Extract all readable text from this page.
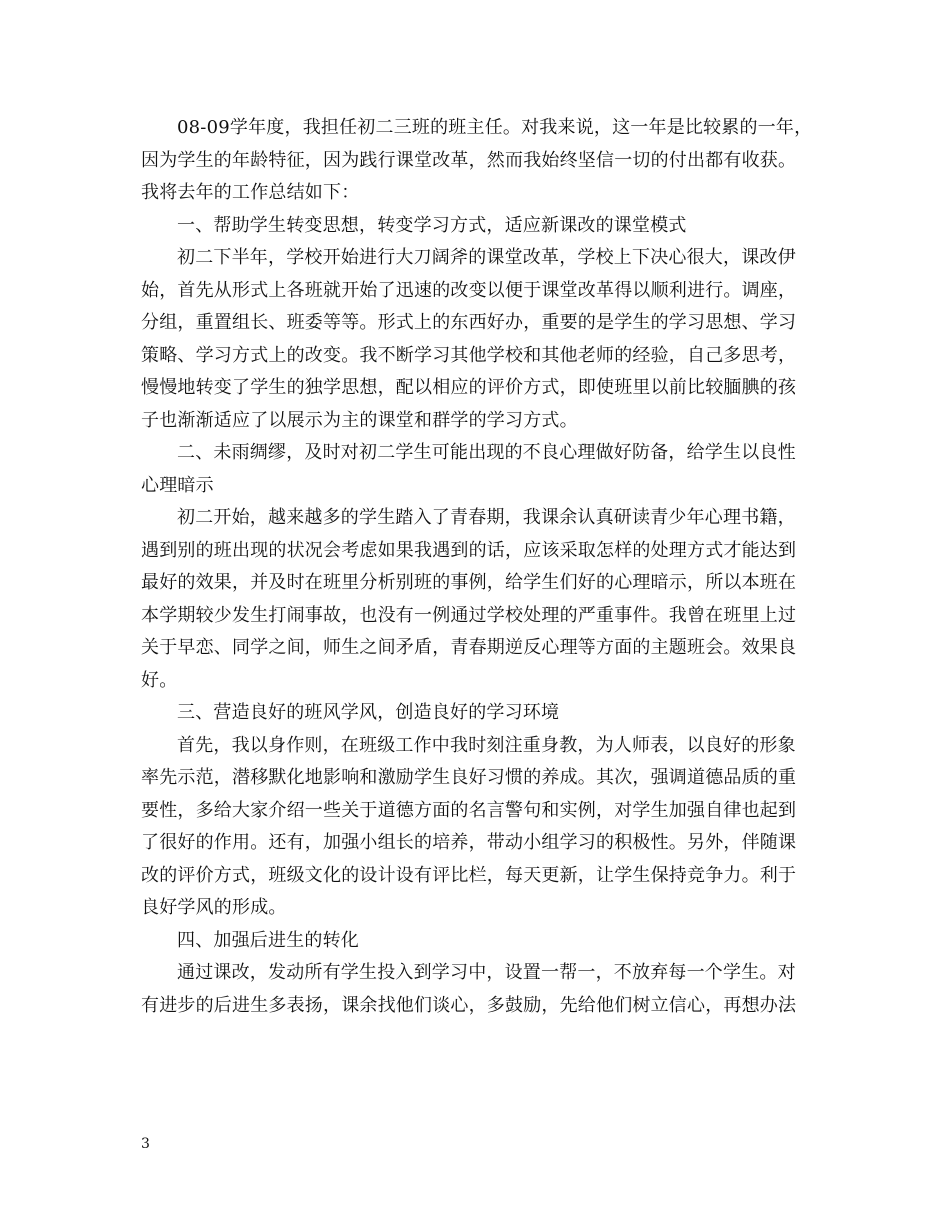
08-09学年度，我担任初二三班的班主任。对我来说，这一年是比较累的一年，
因为学生的年龄特征，因为践行课堂改革，然而我始终坚信一切的付出都有收获。
我将去年的工作总结如下：
一、帮助学生转变思想，转变学习方式，适应新课改的课堂模式
初二下半年，学校开始进行大刀阔斧的课堂改革，学校上下决心很大，课改伊
始，首先从形式上各班就开始了迅速的改变以便于课堂改革得以顺利进行。调座，
分组，重置组长、班委等等。形式上的东西好办，重要的是学生的学习思想、学习
策略、学习方式上的改变。我不断学习其他学校和其他老师的经验，自己多思考，
慢慢地转变了学生的独学思想，配以相应的评价方式，即使班里以前比较腼腆的孩
子也渐渐适应了以展示为主的课堂和群学的学习方式。
二、未雨绸缪，及时对初二学生可能出现的不良心理做好防备，给学生以良性
心理暗示
初二开始，越来越多的学生踏入了青春期，我课余认真研读青少年心理书籍，
遇到别的班出现的状况会考虑如果我遇到的话，应该采取怎样的处理方式才能达到
最好的效果，并及时在班里分析别班的事例，给学生们好的心理暗示，所以本班在
本学期较少发生打闹事故，也没有一例通过学校处理的严重事件。我曾在班里上过
关于早恋、同学之间，师生之间矛盾，青春期逆反心理等方面的主题班会。效果良
好。
三、营造良好的班风学风，创造良好的学习环境
首先，我以身作则，在班级工作中我时刻注重身教，为人师表，以良好的形象
率先示范，潜移默化地影响和激励学生良好习惯的养成。其次，强调道德品质的重
要性，多给大家介绍一些关于道德方面的名言警句和实例，对学生加强自律也起到
了很好的作用。还有，加强小组长的培养，带动小组学习的积极性。另外，伴随课
改的评价方式，班级文化的设计设有评比栏，每天更新，让学生保持竞争力。利于
良好学风的形成。
四、加强后进生的转化
通过课改，发动所有学生投入到学习中，设置一帮一，不放弃每一个学生。对
有进步的后进生多表扬，课余找他们谈心，多鼓励，先给他们树立信心，再想办法
3
